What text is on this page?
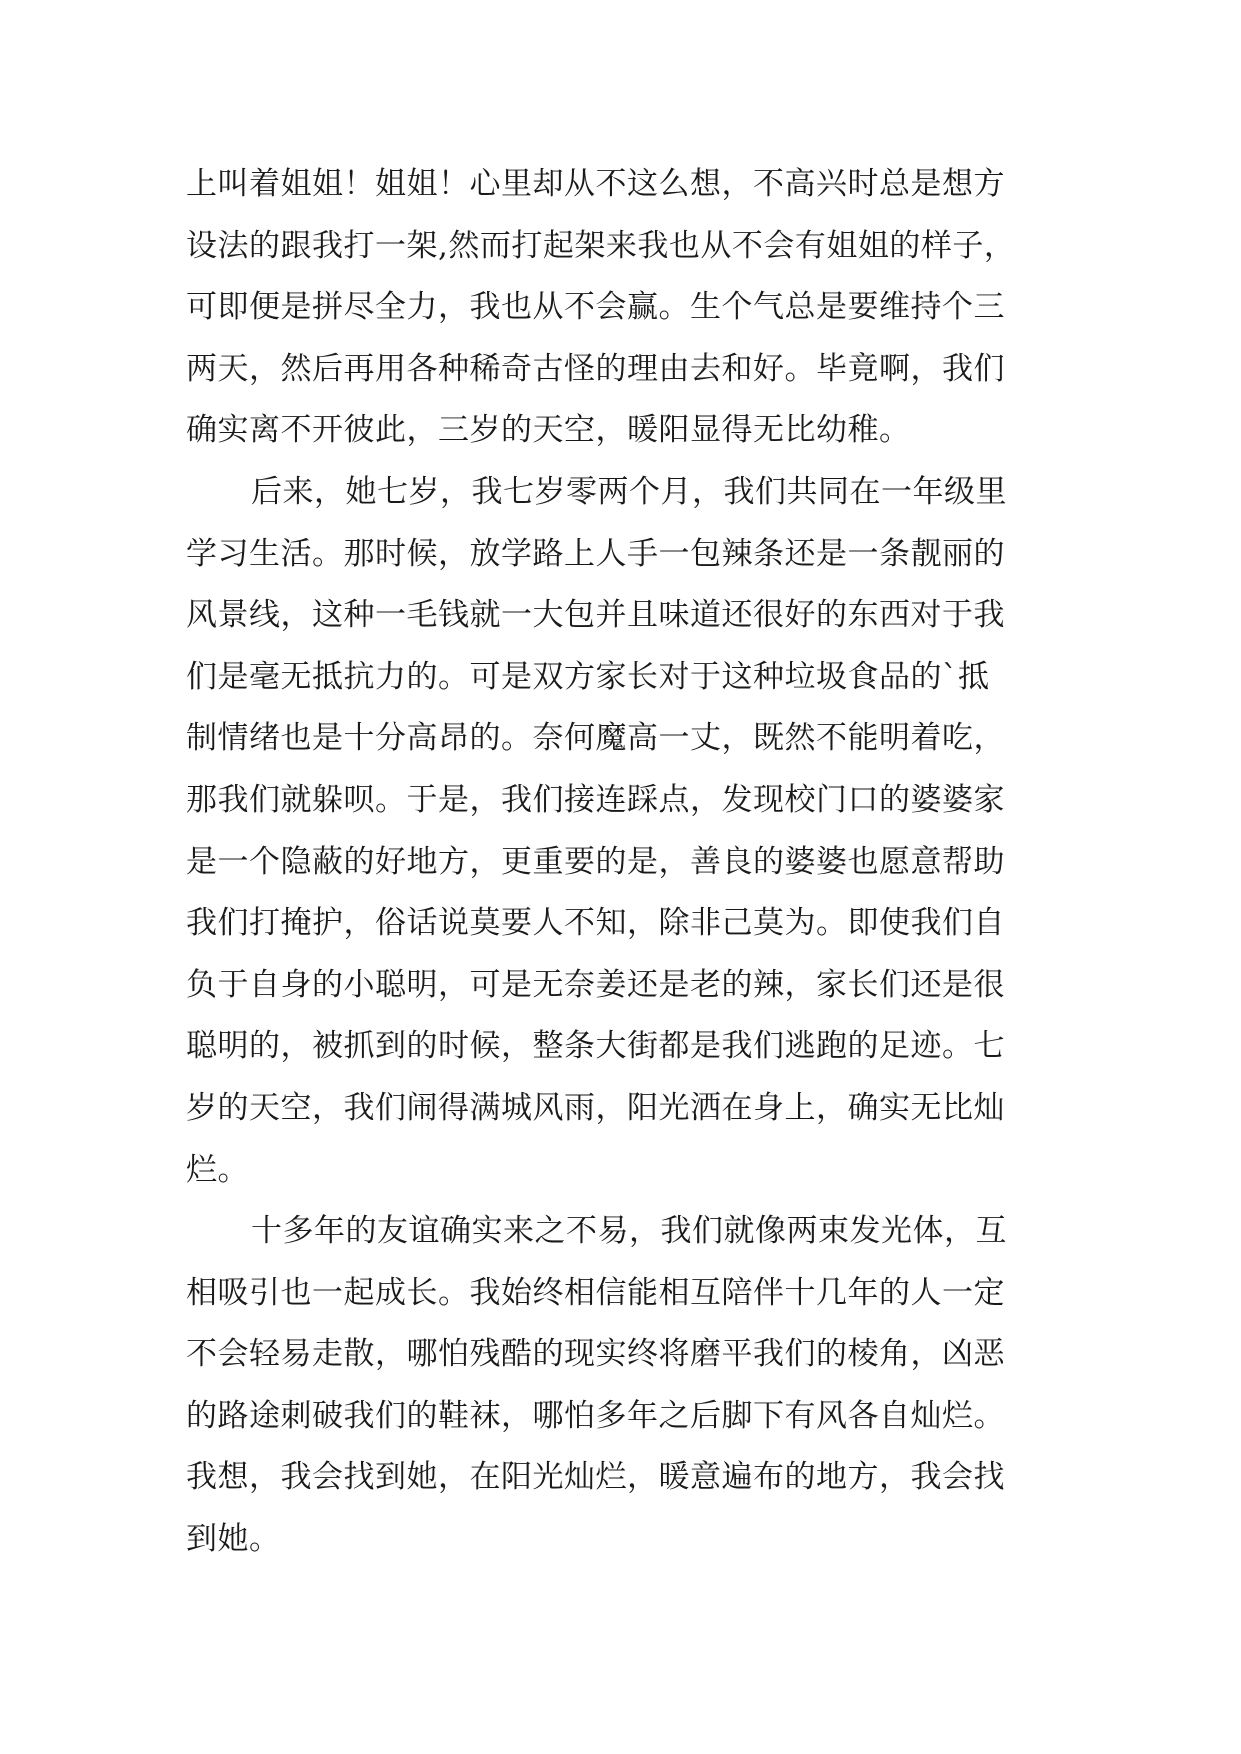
上叫着姐姐！姐姐！心里却从不这么想，不高兴时总是想方
设法的跟我打一架,然而打起架来我也从不会有姐姐的样子，
可即便是拼尽全力，我也从不会赢。生个气总是要维持个三
两天，然后再用各种稀奇古怪的理由去和好。毕竟啊，我们
确实离不开彼此，三岁的天空，暖阳显得无比幼稚。
后来，她七岁，我七岁零两个月，我们共同在一年级里
学习生活。那时候，放学路上人手一包辣条还是一条靓丽的
风景线，这种一毛钱就一大包并且味道还很好的东西对于我
们是毫无抵抗力的。可是双方家长对于这种垃圾食品的`抵
制情绪也是十分高昂的。奈何魔高一丈，既然不能明着吃，
那我们就躲呗。于是，我们接连踩点，发现校门口的婆婆家
是一个隐蔽的好地方，更重要的是，善良的婆婆也愿意帮助
我们打掩护，俗话说莫要人不知，除非己莫为。即使我们自
负于自身的小聪明，可是无奈姜还是老的辣，家长们还是很
聪明的，被抓到的时候，整条大街都是我们逃跑的足迹。七
岁的天空，我们闹得满城风雨，阳光洒在身上，确实无比灿
烂。
十多年的友谊确实来之不易，我们就像两束发光体，互
相吸引也一起成长。我始终相信能相互陪伴十几年的人一定
不会轻易走散，哪怕残酷的现实终将磨平我们的棱角，凶恶
的路途刺破我们的鞋袜，哪怕多年之后脚下有风各自灿烂。
我想，我会找到她，在阳光灿烂，暖意遍布的地方，我会找
到她。
